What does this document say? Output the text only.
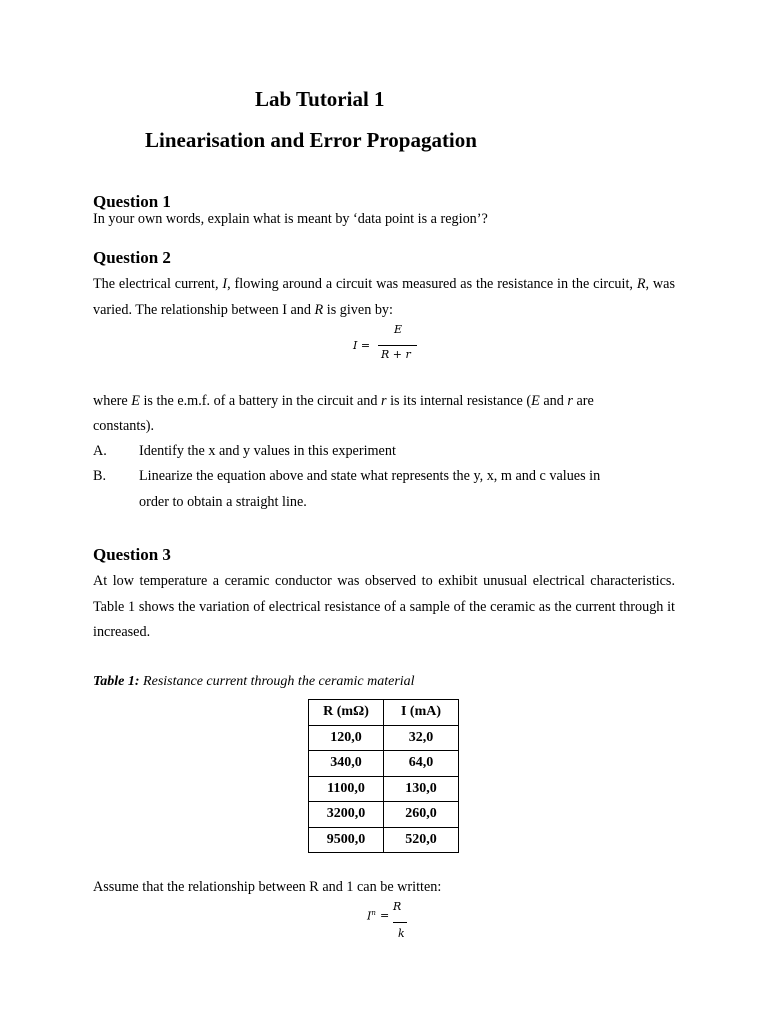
Lab Tutorial 1
Linearisation and Error Propagation
Question 1
In your own words, explain what is meant by ‘data point is a region’?
Question 2
The electrical current, I, flowing around a circuit was measured as the resistance in the circuit, R, was varied. The relationship between I and R is given by:
I =
E
R + r
where E is the e.m.f. of a battery in the circuit and r is its internal resistance (E and r are
constants).
A. Identify the x and y values in this experiment
B. Linearize the equation above and state what represents the y, x, m and c values in
order to obtain a straight line.
Question 3
At low temperature a ceramic conductor was observed to exhibit unusual electrical characteristics. Table 1 shows the variation of electrical resistance of a sample of the ceramic as the current through it increased.
Table 1: Resistance current through the ceramic material
R (mΩ)	I (mA)
120,0	32,0
340,0	64,0
1100,0	130,0
3200,0	260,0
9500,0	520,0
Assume that the relationship between R and 1 can be written:
$I^n$ =
R
k
